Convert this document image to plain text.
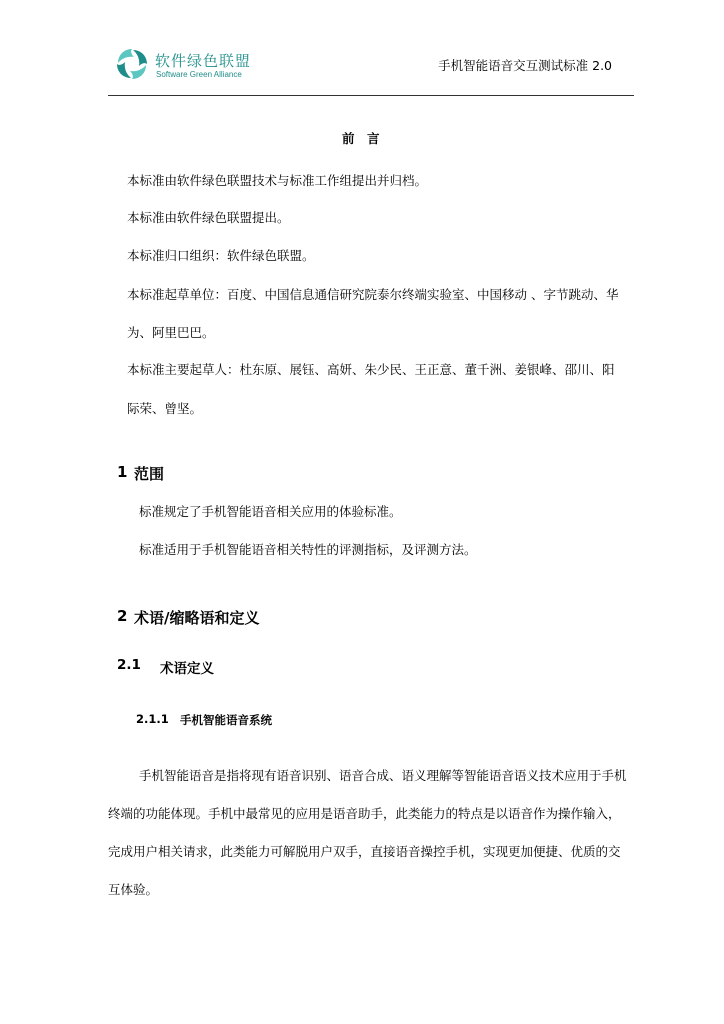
软件绿色联盟
Software Green Alliance
手机智能语音交互测试标准 2.0
前　言
本标准由软件绿色联盟技术与标准工作组提出并归档。
本标准由软件绿色联盟提出。
本标准归口组织：软件绿色联盟。
本标准起草单位：百度、中国信息通信研究院泰尔终端实验室、中国移动 、字节跳动、华
为、阿里巴巴。
本标准主要起草人：杜东原、展钰、高妍、朱少民、王正意、董千洲、姜银峰、邵川、阳
际荣、曾坚。
1 范围
标准规定了手机智能语音相关应用的体验标准。
标准适用于手机智能语音相关特性的评测指标，及评测方法。
2 术语/缩略语和定义
2.1 术语定义
2.1.1 手机智能语音系统
手机智能语音是指将现有语音识别、语音合成、语义理解等智能语音语义技术应用于手机
终端的功能体现。手机中最常见的应用是语音助手，此类能力的特点是以语音作为操作输入，
完成用户相关请求，此类能力可解脱用户双手，直接语音操控手机，实现更加便捷、优质的交
互体验。
